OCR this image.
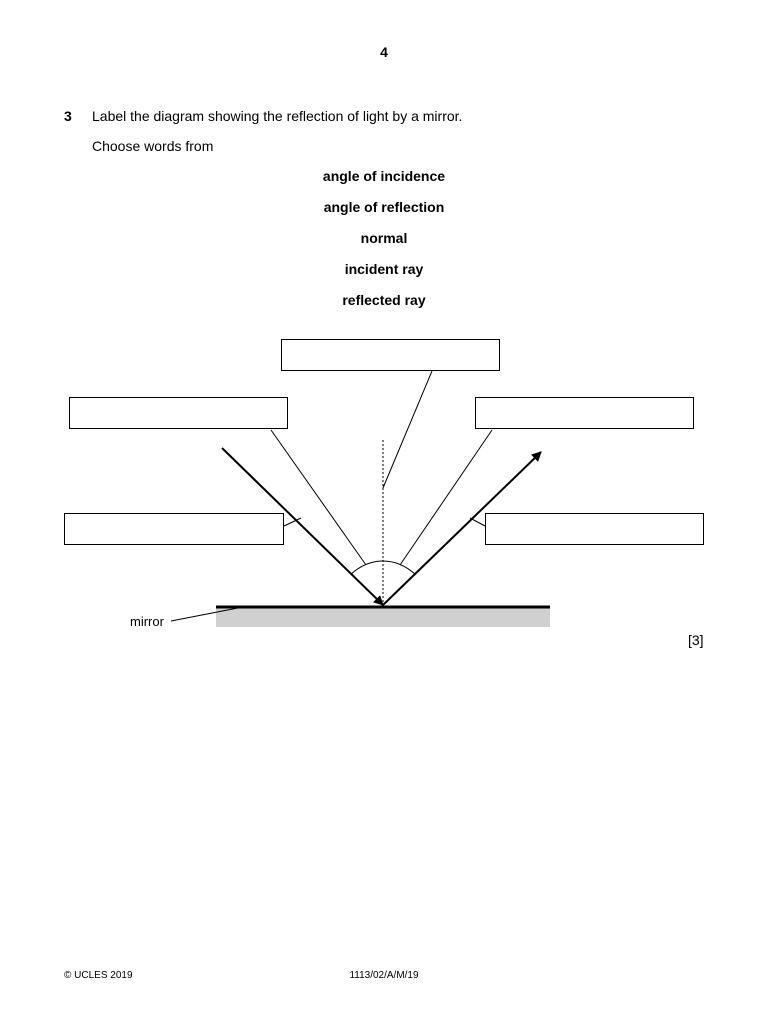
4
3 Label the diagram showing the reflection of light by a mirror.
Choose words from
angle of incidence
angle of reflection
normal
incident ray
reflected ray
mirror
[3]
© UCLES 2019	1113/02/A/M/19
